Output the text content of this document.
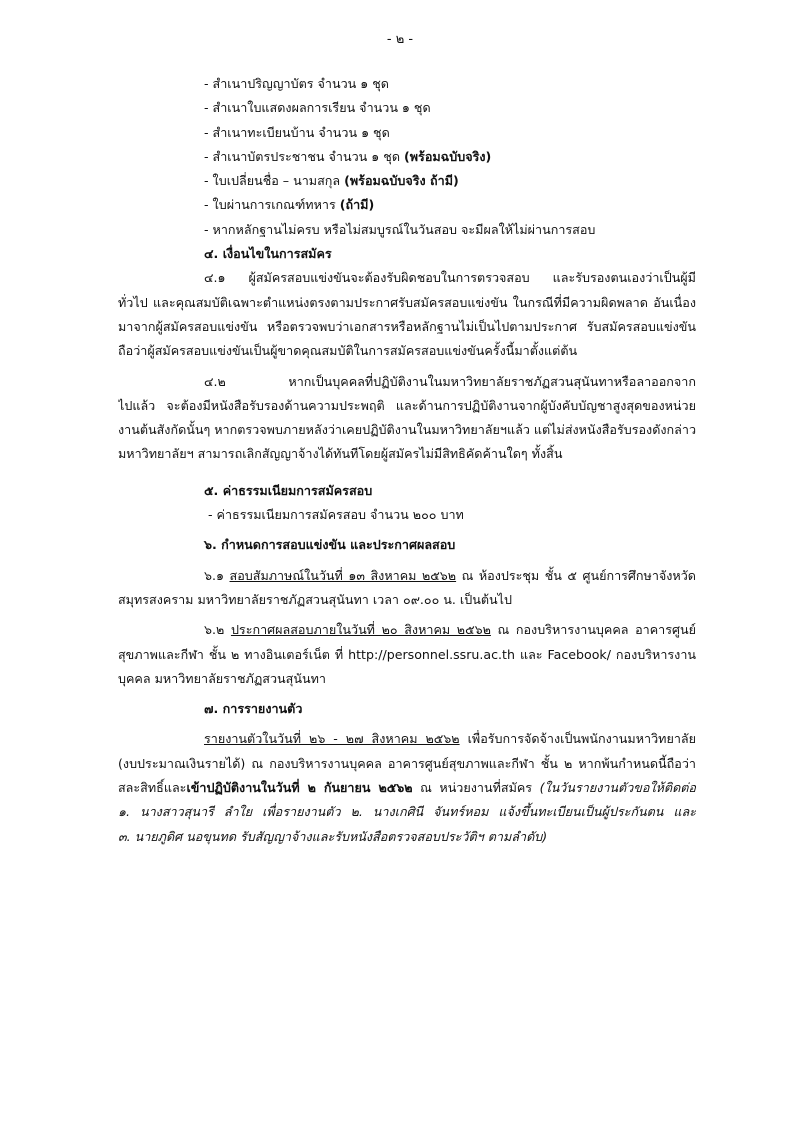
- ๒ -
- สำเนาปริญญาบัตร จำนวน ๑ ชุด
- สำเนาใบแสดงผลการเรียน จำนวน ๑ ชุด
- สำเนาทะเบียนบ้าน จำนวน ๑ ชุด
- สำเนาบัตรประชาชน จำนวน ๑ ชุด (พร้อมฉบับจริง)
- ใบเปลี่ยนชื่อ – นามสกุล (พร้อมฉบับจริง ถ้ามี)
- ใบผ่านการเกณฑ์ทหาร (ถ้ามี)
- หากหลักฐานไม่ครบ หรือไม่สมบูรณ์ในวันสอบ จะมีผลให้ไม่ผ่านการสอบ
๔. เงื่อนไขในการสมัคร
๔.๑ ผู้สมัครสอบแข่งขันจะต้องรับผิดชอบในการตรวจสอบ และรับรองตนเองว่าเป็นผู้มี
ทั่วไป และคุณสมบัติเฉพาะตำแหน่งตรงตามประกาศรับสมัครสอบแข่งขัน ในกรณีที่มีความผิดพลาด อันเนื่อง
มาจากผู้สมัครสอบแข่งขัน หรือตรวจพบว่าเอกสารหรือหลักฐานไม่เป็นไปตามประกาศ รับสมัครสอบแข่งขัน
ถือว่าผู้สมัครสอบแข่งขันเป็นผู้ขาดคุณสมบัติในการสมัครสอบแข่งขันครั้งนี้มาตั้งแต่ต้น
๔.๒ หากเป็นบุคคลที่ปฏิบัติงานในมหาวิทยาลัยราชภัฏสวนสุนันทาหรือลาออกจาก
ไปแล้ว จะต้องมีหนังสือรับรองด้านความประพฤติ และด้านการปฏิบัติงานจากผู้บังคับบัญชาสูงสุดของหน่วย
งานต้นสังกัดนั้นๆ หากตรวจพบภายหลังว่าเคยปฏิบัติงานในมหาวิทยาลัยฯแล้ว แต่ไม่ส่งหนังสือรับรองดังกล่าว
มหาวิทยาลัยฯ สามารถเลิกสัญญาจ้างได้ทันทีโดยผู้สมัครไม่มีสิทธิคัดค้านใดๆ ทั้งสิ้น
๕. ค่าธรรมเนียมการสมัครสอบ
- ค่าธรรมเนียมการสมัครสอบ จำนวน ๒๐๐ บาท
๖. กำหนดการสอบแข่งขัน และประกาศผลสอบ
๖.๑ สอบสัมภาษณ์ในวันที่ ๑๓ สิงหาคม ๒๕๖๒ ณ ห้องประชุม ชั้น ๕ ศูนย์การศึกษาจังหวัด
สมุทรสงคราม มหาวิทยาลัยราชภัฏสวนสุนันทา เวลา ๐๙.๐๐ น. เป็นต้นไป
๖.๒ ประกาศผลสอบภายในวันที่ ๒๐ สิงหาคม ๒๕๖๒ ณ กองบริหารงานบุคคล อาคารศูนย์
สุขภาพและกีฬา ชั้น ๒ ทางอินเตอร์เน็ต ที่ http://personnel.ssru.ac.th และ Facebook/ กองบริหารงาน
บุคคล มหาวิทยาลัยราชภัฏสวนสุนันทา
๗. การรายงานตัว
รายงานตัวในวันที่ ๒๖ - ๒๗ สิงหาคม ๒๕๖๒ เพื่อรับการจัดจ้างเป็นพนักงานมหาวิทยาลัย
(งบประมาณเงินรายได้) ณ กองบริหารงานบุคคล อาคารศูนย์สุขภาพและกีฬา ชั้น ๒ หากพ้นกำหนดนี้ถือว่า
สละสิทธิ์และเข้าปฏิบัติงานในวันที่ ๒ กันยายน ๒๕๖๒ ณ หน่วยงานที่สมัคร (ในวันรายงานตัวขอให้ติดต่อ
๑. นางสาวสุนารี ลำใย เพื่อรายงานตัว ๒. นางเกศินี จันทร์หอม แจ้งขึ้นทะเบียนเป็นผู้ประกันตน และ
๓. นายภูดิศ นอขุนทด รับสัญญาจ้างและรับหนังสือตรวจสอบประวัติฯ ตามลำดับ)
